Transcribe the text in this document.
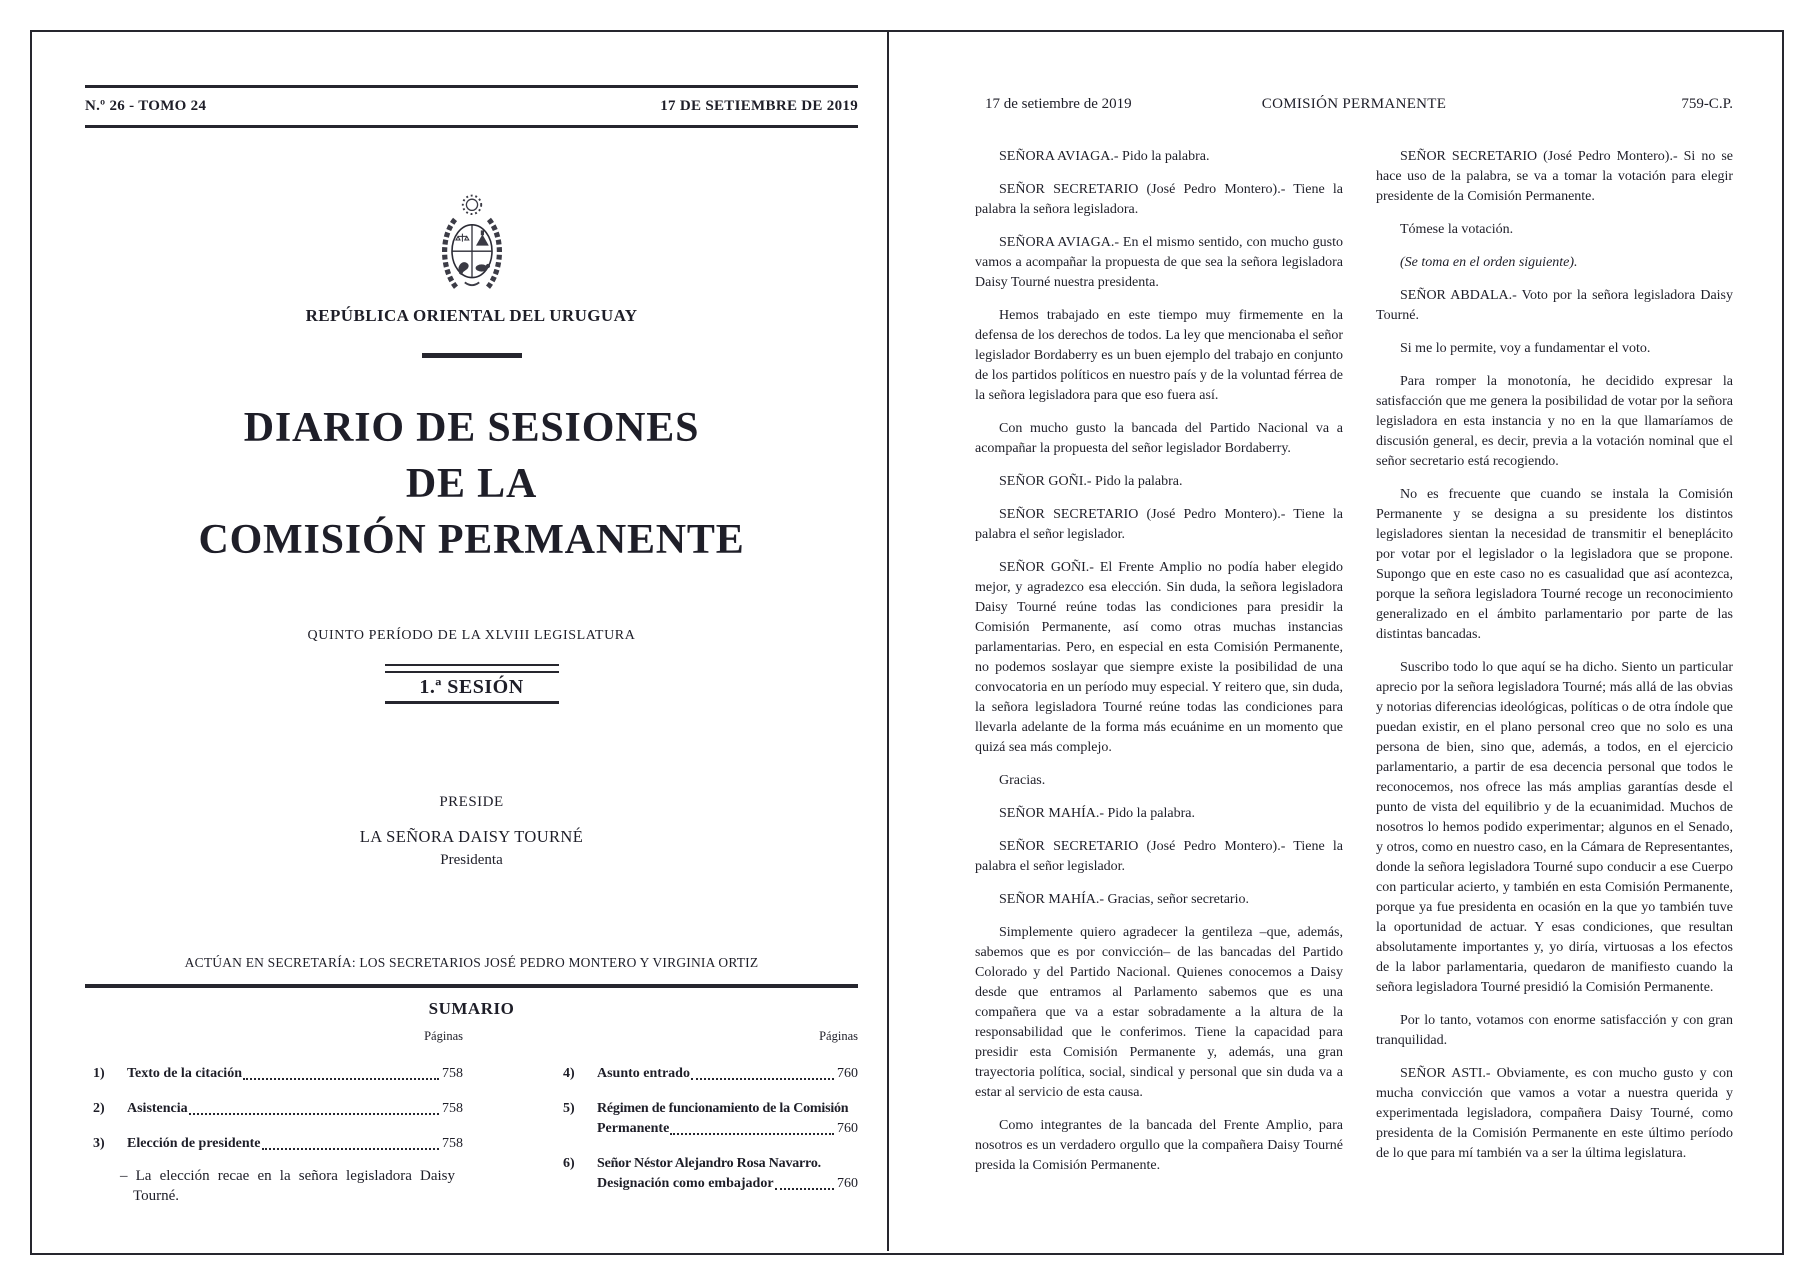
N.º 26 - TOMO 24	17 DE SETIEMBRE DE 2019
REPÚBLICA ORIENTAL DEL URUGUAY
DIARIO DE SESIONES
DE LA
COMISIÓN PERMANENTE
QUINTO PERÍODO DE LA XLVIII LEGISLATURA
1.ª SESIÓN
PRESIDE
LA SEÑORA DAISY TOURNÉ
Presidenta
ACTÚAN EN SECRETARÍA: LOS SECRETARIOS JOSÉ PEDRO MONTERO Y VIRGINIA ORTIZ
SUMARIO
Páginas	Páginas
1)	Texto de la citación	758
2)	Asistencia	758
3)	Elección de presidente	758
– La elección recae en la señora legisladora Daisy Tourné.
4)	Asunto entrado	760
5)	Régimen de funcionamiento de la Comisión
Permanente	760
6)	Señor Néstor Alejandro Rosa Navarro.
Designación como embajador	760
17 de setiembre de 2019	COMISIÓN PERMANENTE	759-C.P.

SEÑORA AVIAGA.- Pido la palabra.

SEÑOR SECRETARIO (José Pedro Montero).- Tiene la palabra la señora legisladora.

SEÑORA AVIAGA.- En el mismo sentido, con mucho gusto vamos a acompañar la propuesta de que sea la señora legisladora Daisy Tourné nuestra presidenta.

Hemos trabajado en este tiempo muy firmemente en la defensa de los derechos de todos. La ley que mencionaba el señor legislador Bordaberry es un buen ejemplo del trabajo en conjunto de los partidos políticos en nuestro país y de la voluntad férrea de la señora legisladora para que eso fuera así.

Con mucho gusto la bancada del Partido Nacional va a acompañar la propuesta del señor legislador Bordaberry.

SEÑOR GOÑI.- Pido la palabra.

SEÑOR SECRETARIO (José Pedro Montero).- Tiene la palabra el señor legislador.

SEÑOR GOÑI.- El Frente Amplio no podía haber elegido mejor, y agradezco esa elección. Sin duda, la señora legisladora Daisy Tourné reúne todas las condiciones para presidir la Comisión Permanente, así como otras muchas instancias parlamentarias. Pero, en especial en esta Comisión Permanente, no podemos soslayar que siempre existe la posibilidad de una convocatoria en un período muy especial. Y reitero que, sin duda, la señora legisladora Tourné reúne todas las condiciones para llevarla adelante de la forma más ecuánime en un momento que quizá sea más complejo.

Gracias.

SEÑOR MAHÍA.- Pido la palabra.

SEÑOR SECRETARIO (José Pedro Montero).- Tiene la palabra el señor legislador.

SEÑOR MAHÍA.- Gracias, señor secretario.

Simplemente quiero agradecer la gentileza –que, además, sabemos que es por convicción– de las bancadas del Partido Colorado y del Partido Nacional. Quienes conocemos a Daisy desde que entramos al Parlamento sabemos que es una compañera que va a estar sobradamente a la altura de la responsabilidad que le conferimos. Tiene la capacidad para presidir esta Comisión Permanente y, además, una gran trayectoria política, social, sindical y personal que sin duda va a estar al servicio de esta causa.

Como integrantes de la bancada del Frente Amplio, para nosotros es un verdadero orgullo que la compañera Daisy Tourné presida la Comisión Permanente.

SEÑOR SECRETARIO (José Pedro Montero).- Si no se hace uso de la palabra, se va a tomar la votación para elegir presidente de la Comisión Permanente.

Tómese la votación.

(Se toma en el orden siguiente).

SEÑOR ABDALA.- Voto por la señora legisladora Daisy Tourné.

Si me lo permite, voy a fundamentar el voto.

Para romper la monotonía, he decidido expresar la satisfacción que me genera la posibilidad de votar por la señora legisladora en esta instancia y no en la que llamaríamos de discusión general, es decir, previa a la votación nominal que el señor secretario está recogiendo.

No es frecuente que cuando se instala la Comisión Permanente y se designa a su presidente los distintos legisladores sientan la necesidad de transmitir el beneplácito por votar por el legislador o la legisladora que se propone. Supongo que en este caso no es casualidad que así acontezca, porque la señora legisladora Tourné recoge un reconocimiento generalizado en el ámbito parlamentario por parte de las distintas bancadas.

Suscribo todo lo que aquí se ha dicho. Siento un particular aprecio por la señora legisladora Tourné; más allá de las obvias y notorias diferencias ideológicas, políticas o de otra índole que puedan existir, en el plano personal creo que no solo es una persona de bien, sino que, además, a todos, en el ejercicio parlamentario, a partir de esa decencia personal que todos le reconocemos, nos ofrece las más amplias garantías desde el punto de vista del equilibrio y de la ecuanimidad. Muchos de nosotros lo hemos podido experimentar; algunos en el Senado, y otros, como en nuestro caso, en la Cámara de Representantes, donde la señora legisladora Tourné supo conducir a ese Cuerpo con particular acierto, y también en esta Comisión Permanente, porque ya fue presidenta en ocasión en la que yo también tuve la oportunidad de actuar. Y esas condiciones, que resultan absolutamente importantes y, yo diría, virtuosas a los efectos de la labor parlamentaria, quedaron de manifiesto cuando la señora legisladora Tourné presidió la Comisión Permanente.

Por lo tanto, votamos con enorme satisfacción y con gran tranquilidad.

SEÑOR ASTI.- Obviamente, es con mucho gusto y con mucha convicción que vamos a votar a nuestra querida y experimentada legisladora, compañera Daisy Tourné, como presidenta de la Comisión Permanente en este último período de lo que para mí también va a ser la última legislatura.
